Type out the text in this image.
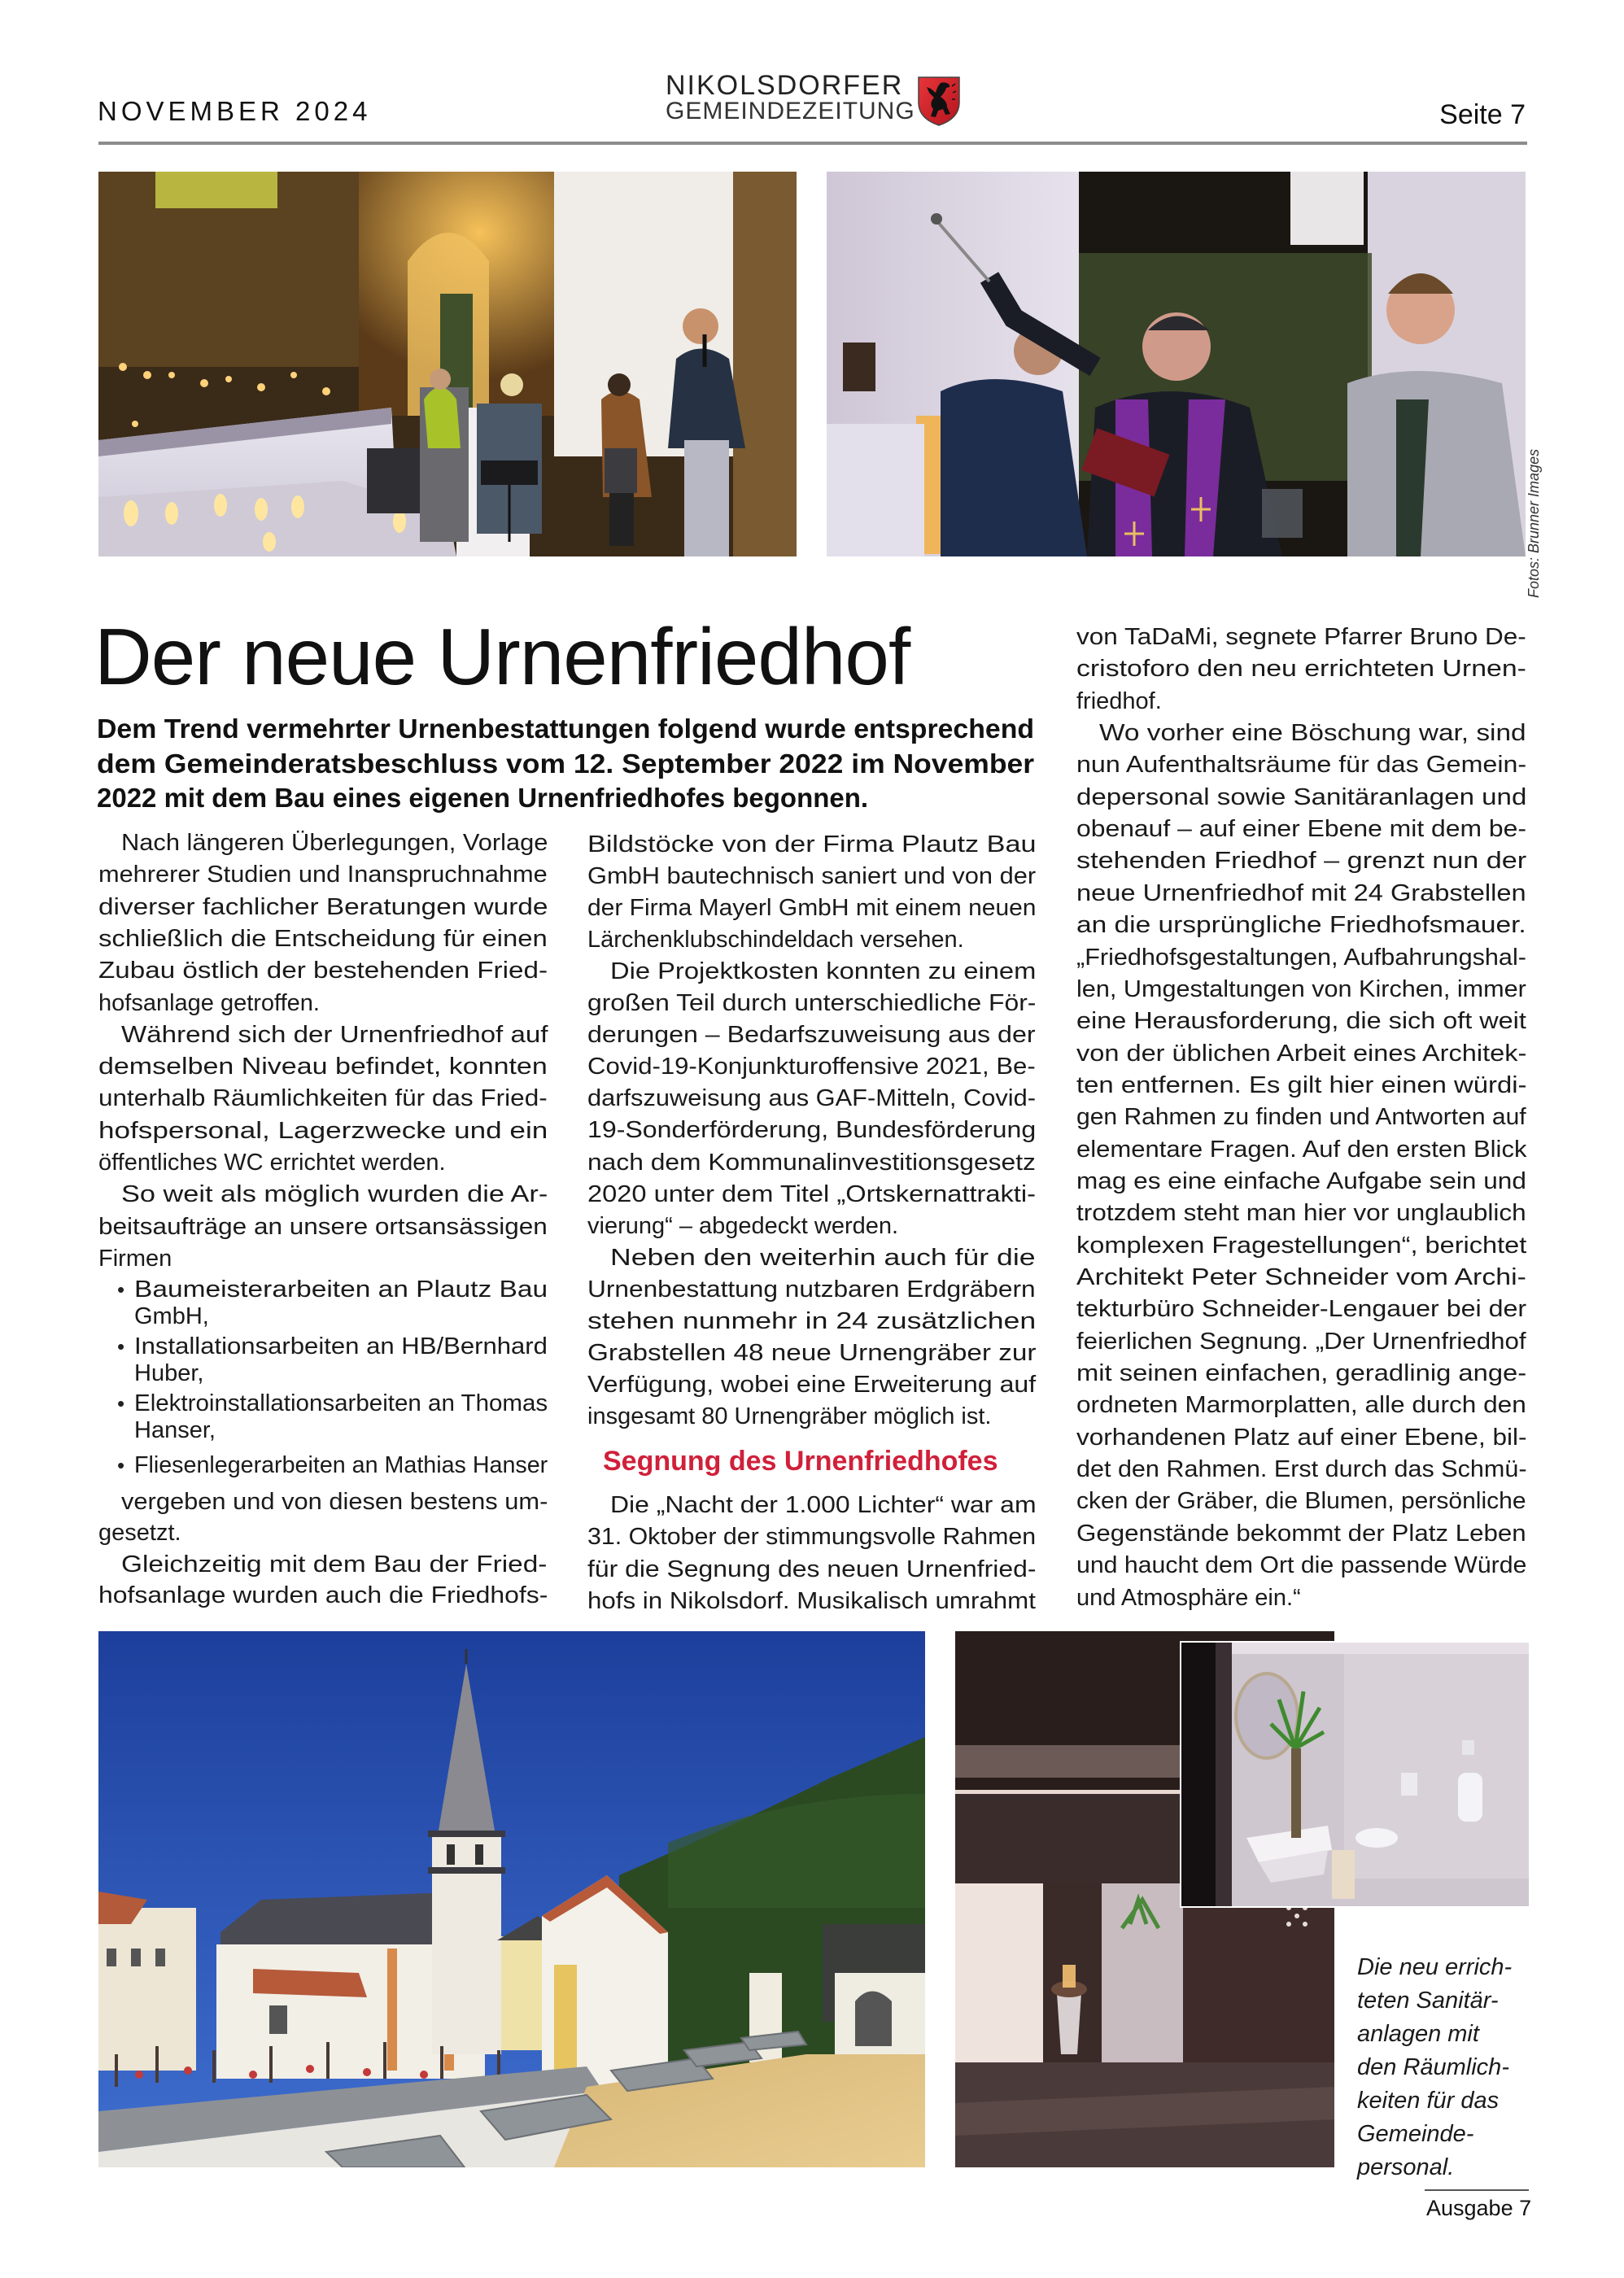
NOVEMBER 2024
NIKOLSDORFER
GEMEINDEZEITUNG	Seite 7
Fotos: Brunner Images
Der neue Urnenfriedhof
Dem Trend vermehrter Urnenbestattungen folgend wurde entsprechend
dem Gemeinderatsbeschluss vom 12. September 2022 im November
2022 mit dem Bau eines eigenen Urnenfriedhofes begonnen.
Nach längeren Überlegungen, Vorlage
mehrerer Studien und Inanspruchnahme
diverser fachlicher Beratungen wurde
schließlich die Entscheidung für einen
Zubau östlich der bestehenden Fried-
hofsanlage getroffen.
Während sich der Urnenfriedhof auf
demselben Niveau befindet, konnten
unterhalb Räumlichkeiten für das Fried-
hofspersonal, Lagerzwecke und ein
öffentliches WC errichtet werden.
So weit als möglich wurden die Ar-
beitsaufträge an unsere ortsansässigen
Firmen
• Baumeisterarbeiten an Plautz Bau
GmbH,
• Installationsarbeiten an HB/Bernhard
Huber,
• Elektroinstallationsarbeiten an Thomas
Hanser,
• Fliesenlegerarbeiten an Mathias Hanser
vergeben und von diesen bestens um-
gesetzt.
Gleichzeitig mit dem Bau der Fried-
hofsanlage wurden auch die Friedhofs-
Bildstöcke von der Firma Plautz Bau
GmbH bautechnisch saniert und von der
der Firma Mayerl GmbH mit einem neuen
Lärchenklubschindeldach versehen.
Die Projektkosten konnten zu einem
großen Teil durch unterschiedliche För-
derungen – Bedarfszuweisung aus der
Covid-19-Konjunkturoffensive 2021, Be-
darfszuweisung aus GAF-Mitteln, Covid-
19-Sonderförderung, Bundesförderung
nach dem Kommunalinvestitionsgesetz
2020 unter dem Titel „Ortskernattrakti-
vierung“ – abgedeckt werden.
Neben den weiterhin auch für die
Urnenbestattung nutzbaren Erdgräbern
stehen nunmehr in 24 zusätzlichen
Grabstellen 48 neue Urnengräber zur
Verfügung, wobei eine Erweiterung auf
insgesamt 80 Urnengräber möglich ist.
Die „Nacht der 1.000 Lichter“ war am
31. Oktober der stimmungsvolle Rahmen
für die Segnung des neuen Urnenfried-
hofs in Nikolsdorf. Musikalisch umrahmt
von TaDaMi, segnete Pfarrer Bruno De-
cristoforo den neu errichteten Urnen-
friedhof.
Wo vorher eine Böschung war, sind
nun Aufenthaltsräume für das Gemein-
depersonal sowie Sanitäranlagen und
obenauf – auf einer Ebene mit dem be-
stehenden Friedhof – grenzt nun der
neue Urnenfriedhof mit 24 Grabstellen
an die ursprüngliche Friedhofsmauer.
„Friedhofsgestaltungen, Aufbahrungshal-
len, Umgestaltungen von Kirchen, immer
eine Herausforderung, die sich oft weit
von der üblichen Arbeit eines Architek-
ten entfernen. Es gilt hier einen würdi-
gen Rahmen zu finden und Antworten auf
elementare Fragen. Auf den ersten Blick
mag es eine einfache Aufgabe sein und
trotzdem steht man hier vor unglaublich
komplexen Fragestellungen“, berichtet
Architekt Peter Schneider vom Archi-
tekturbüro Schneider-Lengauer bei der
feierlichen Segnung. „Der Urnenfriedhof
mit seinen einfachen, geradlinig ange-
ordneten Marmorplatten, alle durch den
vorhandenen Platz auf einer Ebene, bil-
det den Rahmen. Erst durch das Schmü-
cken der Gräber, die Blumen, persönliche
Gegenstände bekommt der Platz Leben
und haucht dem Ort die passende Würde
und Atmosphäre ein.“
Segnung des Urnenfriedhofes
Die neu errich-
teten Sanitär-
anlagen mit
den Räumlich-
keiten für das
Gemeinde-
personal.
Ausgabe 7
